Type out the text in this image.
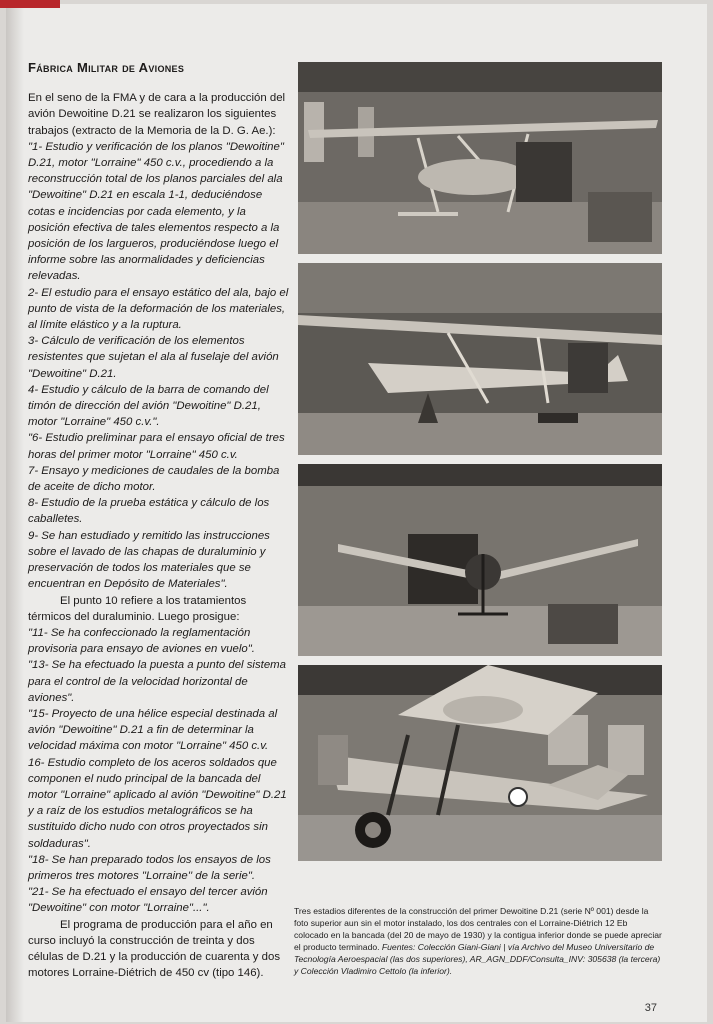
Fábrica Militar de Aviones

En el seno de la FMA y de cara a la producción del avión Dewoitine D.21 se realizaron los siguientes trabajos (extracto de la Memoria de la D. G. Ae.):

"1- Estudio y verificación de los planos "Dewoitine" D.21, motor "Lorraine" 450 c.v., procediendo a la reconstrucción total de los planos parciales del ala "Dewoitine" D.21 en escala 1-1, deduciéndose cotas e incidencias por cada elemento, y la posición efectiva de tales elementos respecto a la posición de los largueros, produciéndose luego el informe sobre las anormalidades y deficiencias relevadas.

2- El estudio para el ensayo estático del ala, bajo el punto de vista de la deformación de los materiales, al límite elástico y a la ruptura.

3- Cálculo de verificación de los elementos resistentes que sujetan el ala al fuselaje del avión "Dewoitine" D.21.

4- Estudio y cálculo de la barra de comando del timón de dirección del avión "Dewoitine" D.21, motor "Lorraine" 450 c.v.".

"6- Estudio preliminar para el ensayo oficial de tres horas del primer motor "Lorraine" 450 c.v.

7- Ensayo y mediciones de caudales de la bomba de aceite de dicho motor.

8- Estudio de la prueba estática y cálculo de los caballetes.

9- Se han estudiado y remitido las instrucciones sobre el lavado de las chapas de duraluminio y preservación de todos los materiales que se encuentran en Depósito de Materiales".

El punto 10 refiere a los tratamientos térmicos del duraluminio. Luego prosigue:

"11- Se ha confeccionado la reglamentación provisoria para ensayo de aviones en vuelo".

"13- Se ha efectuado la puesta a punto del sistema para el control de la velocidad horizontal de aviones".

"15- Proyecto de una hélice especial destinada al avión "Dewoitine" D.21 a fin de determinar la velocidad máxima con motor "Lorraine" 450 c.v.

16- Estudio completo de los aceros soldados que componen el nudo principal de la bancada del motor "Lorraine" aplicado al avión "Dewoitine" D.21 y a raíz de los estudios metalográficos se ha sustituido dicho nudo con otros proyectados sin soldaduras".

"18- Se han preparado todos los ensayos de los primeros tres motores "Lorraine'' de la serie".

"21- Se ha efectuado el ensayo del tercer avión "Dewoitine" con motor "Lorraine"...".

El programa de producción para el año en curso incluyó la construcción de treinta y dos células de D.21 y la producción de cuarenta y dos motores Lorraine-Diétrich de 450 cv (tipo 146).

Tres estadios diferentes de la construcción del primer Dewoitine D.21 (serie Nº 001) desde la foto superior aun sin el motor instalado, los dos centrales con el Lorraine-Diétrich 12 Eb colocado en la bancada (del 20 de mayo de 1930) y la contigua inferior donde se puede apreciar el producto terminado. Fuentes: Colección Giani-Giani | vía Archivo del Museo Universitario de Tecnología Aeroespacial (las dos superiores), AR_AGN_DDF/Consulta_INV: 305638 (la tercera) y Colección Vladimiro Cettolo (la inferior).
37
